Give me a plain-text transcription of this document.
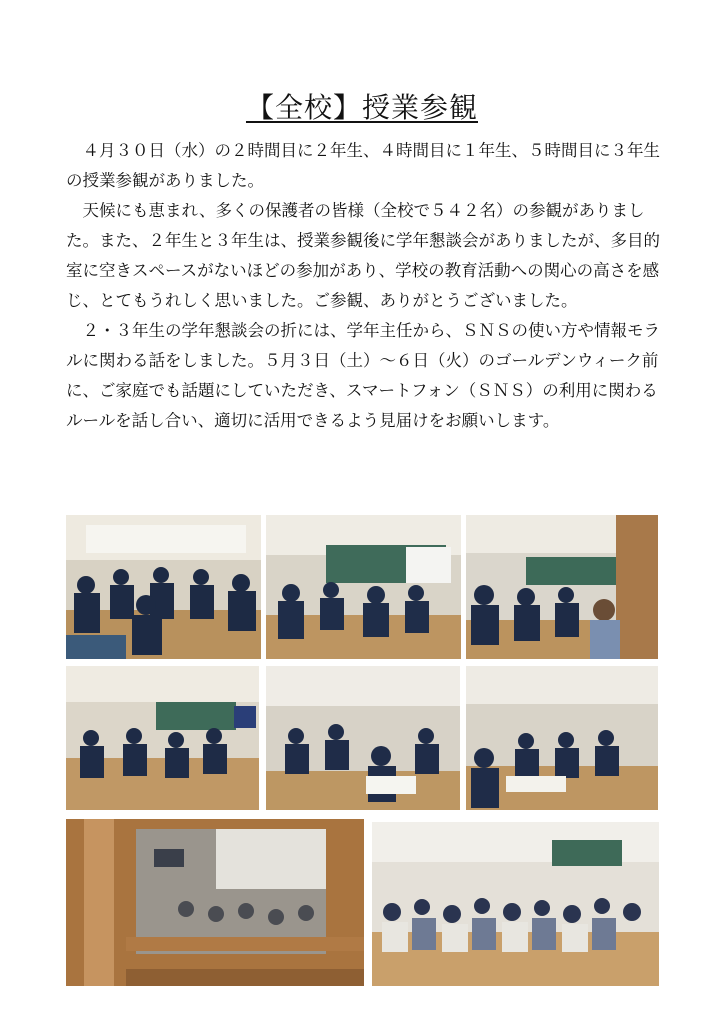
【全校】授業参観

４月３０日（水）の２時間目に２年生、４時間目に１年生、５時間目に３年生の授業参観がありました。

天候にも恵まれ、多くの保護者の皆様（全校で５４２名）の参観がありました。また、２年生と３年生は、授業参観後に学年懇談会がありましたが、多目的室に空きスペースがないほどの参加があり、学校の教育活動への関心の高さを感じ、とてもうれしく思いました。ご参観、ありがとうございました。

２・３年生の学年懇談会の折には、学年主任から、ＳＮＳの使い方や情報モラルに関わる話をしました。５月３日（土）～６日（火）のゴールデンウィーク前に、ご家庭でも話題にしていただき、スマートフォン（ＳＮＳ）の利用に関わるルールを話し合い、適切に活用できるよう見届けをお願いします。
